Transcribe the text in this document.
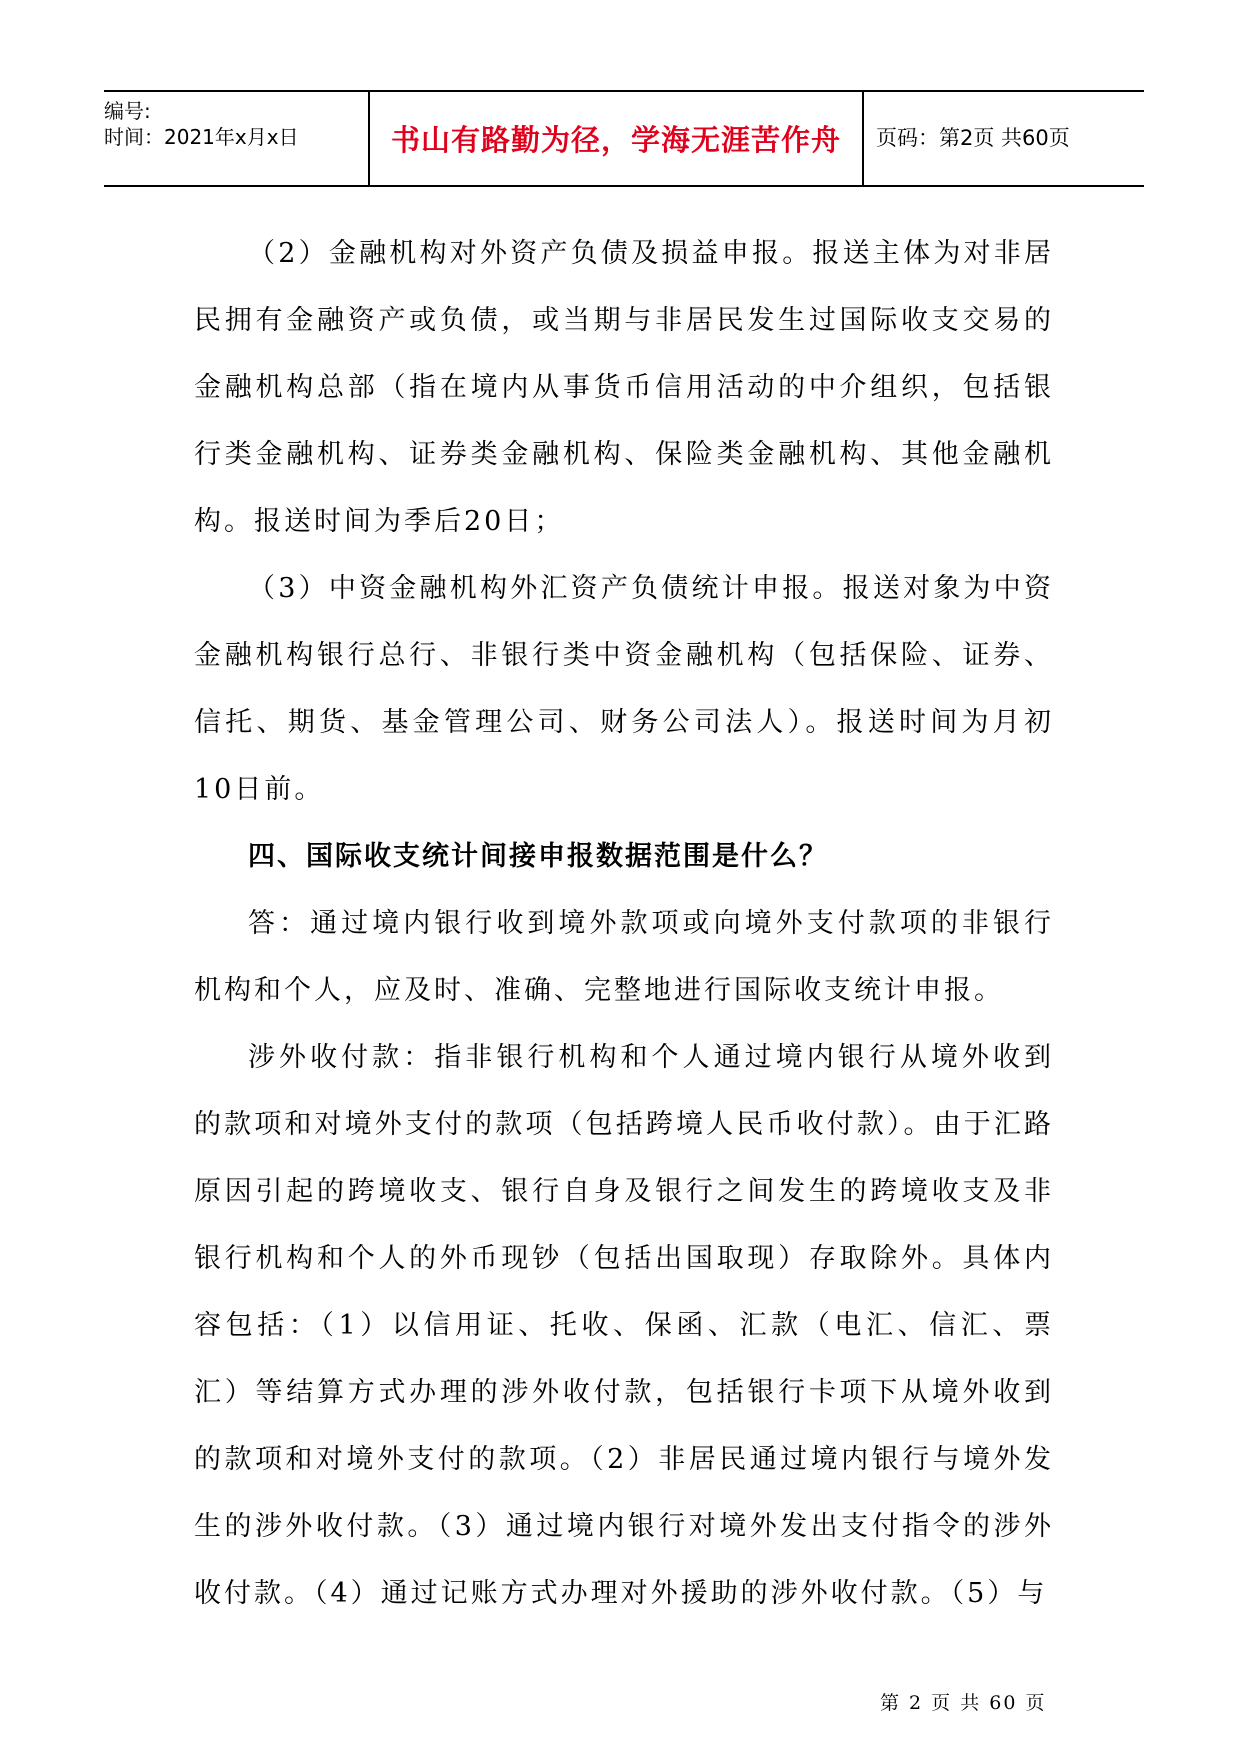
编号:
时间：2021年x月x日	书山有路勤为径，学海无涯苦作舟	页码：第2页 共60页

（2）金融机构对外资产负债及损益申报。报送主体为对非居民拥有金融资产或负债，或当期与非居民发生过国际收支交易的金融机构总部（指在境内从事货币信用活动的中介组织，包括银行类金融机构、证券类金融机构、保险类金融机构、其他金融机构。报送时间为季后20日；

（3）中资金融机构外汇资产负债统计申报。报送对象为中资金融机构银行总行、非银行类中资金融机构（包括保险、证券、信托、期货、基金管理公司、财务公司法人）。报送时间为月初10日前。

四、国际收支统计间接申报数据范围是什么？

答：通过境内银行收到境外款项或向境外支付款项的非银行机构和个人，应及时、准确、完整地进行国际收支统计申报。

涉外收付款：指非银行机构和个人通过境内银行从境外收到的款项和对境外支付的款项（包括跨境人民币收付款）。由于汇路原因引起的跨境收支、银行自身及银行之间发生的跨境收支及非银行机构和个人的外币现钞（包括出国取现）存取除外。具体内容包括：（1）以信用证、托收、保函、汇款（电汇、信汇、票汇）等结算方式办理的涉外收付款，包括银行卡项下从境外收到的款项和对境外支付的款项。（2）非居民通过境内银行与境外发生的涉外收付款。（3）通过境内银行对境外发出支付指令的涉外收付款。（4）通过记账方式办理对外援助的涉外收付款。（5）与

第 2 页 共 60 页
